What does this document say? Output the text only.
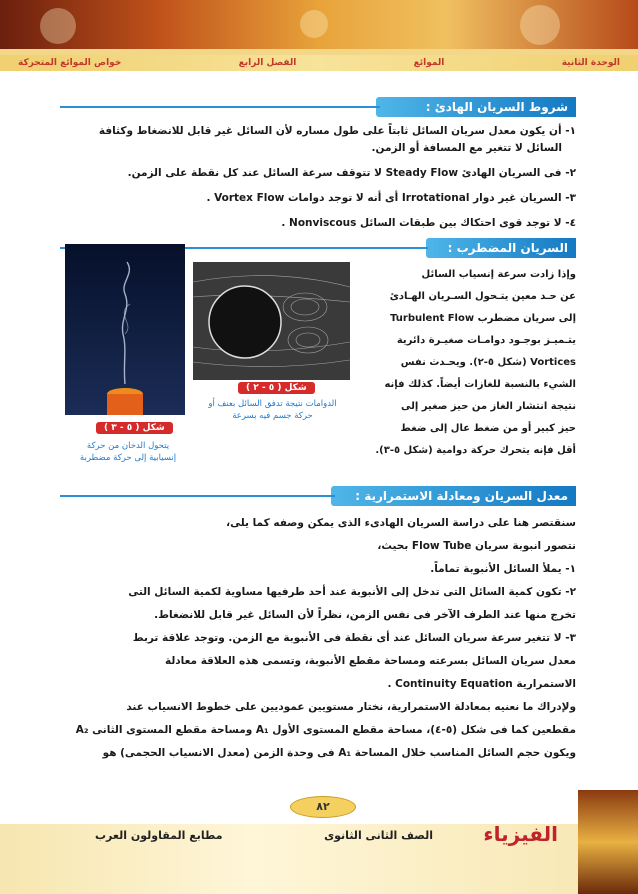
الوحدة الثانية
الموائع
الفصل الرابع
خواص الموائع المتحركة
شروط السريان الهادئ :
١- أن يكون معدل سريان السائل ثابتاً على طول مساره لأن السائل غير قابل للانضغاط وكثافة
السائل لا تتغير مع المسافة أو الزمن.
٢- فى السريان الهادئ Steady Flow لا تتوقف سرعة السائل عند كل نقطة على الزمن.
٣- السريان غير دوار Irrotational أى أنه لا توجد دوامات Vortex Flow .
٤- لا توجد قوى احتكاك بين طبقات السائل Nonviscous .
السريان المضطرب :
وإذا زادت سرعة إنسياب السائل
عن حـد معين يتـحول السـريان الهـادئ
إلى سريان مضطرب Turbulent Flow
يتـميـز بوجـود دوامـات صغيـرة دائرية
Vortices (شكل ٥-٢). ويحـدث نفس
الشيء بالنسبة للغازات أيضاً. كذلك فإنه
نتيجة انتشار الغاز من حيز صغير إلى
حيز كبير أو من ضغط عال إلى ضغط
أقل فإنه يتحرك حركة دوامية (شكل ٥-٣).
شكل ( ٥ - ٢ )
الدوامات نتيجة تدفق السائل بعنف أو
حركة جسم فيه بسرعة
شكل ( ٥ - ٣ )
يتحول الدخان من حركة
إنسيابية إلى حركة مضطربة
معدل السريان ومعادلة الاستمرارية :
سنقتصر هنا على دراسة السريان الهادىء الذى يمكن وصفه كما يلى،
نتصور انبوبة سريان Flow Tube بحيث،
١- يملأ السائل الأنبوبة تماماً.
٢- تكون كمية السائل التى تدخل إلى الأنبوبة عند أحد طرفيها مساوية لكمية السائل التى
تخرج منها عند الطرف الآخر فى نفس الزمن، نظراً لأن السائل غير قابل للانضغاط.
٣- لا تتغير سرعة سريان السائل عند أى نقطة فى الأنبوبة مع الزمن. وتوجد علاقة تربط
معدل سريان السائل بسرعته ومساحة مقطع الأنبوبة، وتسمى هذه العلاقة معادلة
الاستمرارية Continuity Equation .
ولإدراك ما نعنيه بمعادلة الاستمرارية، نختار مستويين عموديين على خطوط الانسياب عند
مقطعين كما فى شكل (٥-٤)، مساحة مقطع المستوى الأول A₁ ومساحة مقطع المستوى الثانى A₂
ويكون حجم السائل المناسب خلال المساحة A₁ فى وحدة الزمن (معدل الانسياب الحجمى) هو
٨٢
الفيزياء
الصف الثانى الثانوى
مطابع المقاولون العرب
